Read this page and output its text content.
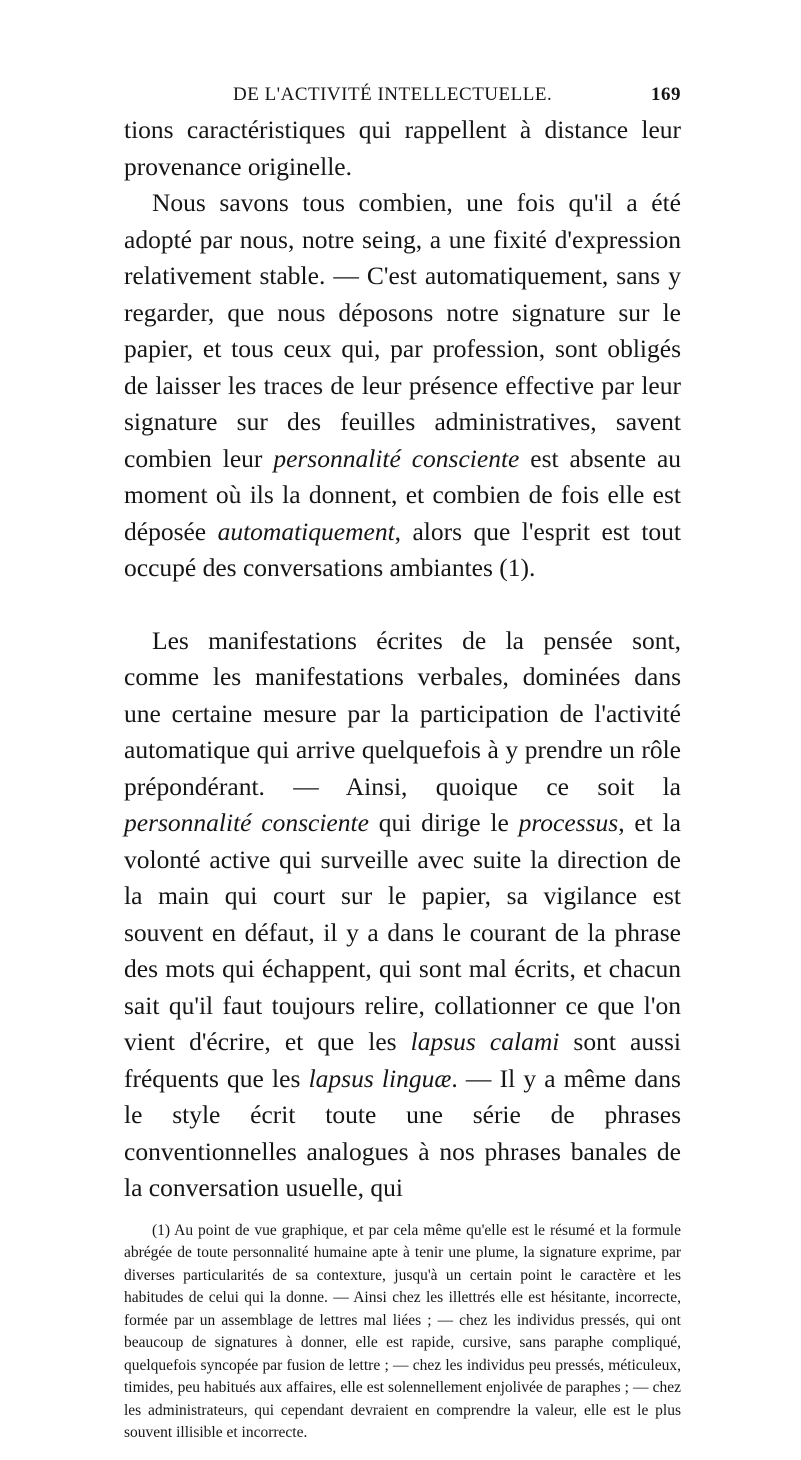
DE L'ACTIVITÉ INTELLECTUELLE.	169

tions caractéristiques qui rappellent à distance leur provenance originelle.

Nous savons tous combien, une fois qu'il a été adopté par nous, notre seing, a une fixité d'expression relativement stable. — C'est automatiquement, sans y regarder, que nous déposons notre signature sur le papier, et tous ceux qui, par profession, sont obligés de laisser les traces de leur présence effective par leur signature sur des feuilles administratives, savent combien leur personnalité consciente est absente au moment où ils la donnent, et combien de fois elle est déposée automatiquement, alors que l'esprit est tout occupé des conversations ambiantes (1).

Les manifestations écrites de la pensée sont, comme les manifestations verbales, dominées dans une certaine mesure par la participation de l'activité automatique qui arrive quelquefois à y prendre un rôle prépondérant. — Ainsi, quoique ce soit la personnalité consciente qui dirige le processus, et la volonté active qui surveille avec suite la direction de la main qui court sur le papier, sa vigilance est souvent en défaut, il y a dans le courant de la phrase des mots qui échappent, qui sont mal écrits, et chacun sait qu'il faut toujours relire, collationner ce que l'on vient d'écrire, et que les lapsus calami sont aussi fréquents que les lapsus linguæ. — Il y a même dans le style écrit toute une série de phrases conventionnelles analogues à nos phrases banales de la conversation usuelle, qui

(1) Au point de vue graphique, et par cela même qu'elle est le résumé et la formule abrégée de toute personnalité humaine apte à tenir une plume, la signature exprime, par diverses particularités de sa contexture, jusqu'à un certain point le caractère et les habitudes de celui qui la donne. — Ainsi chez les illettrés elle est hésitante, incorrecte, formée par un assemblage de lettres mal liées ; — chez les individus pressés, qui ont beaucoup de signatures à donner, elle est rapide, cursive, sans paraphe compliqué, quelquefois syncopée par fusion de lettre ; — chez les individus peu pressés, méticuleux, timides, peu habitués aux affaires, elle est solennellement enjolivée de paraphes ; — chez les administrateurs, qui cependant devraient en comprendre la valeur, elle est le plus souvent illisible et incorrecte.
